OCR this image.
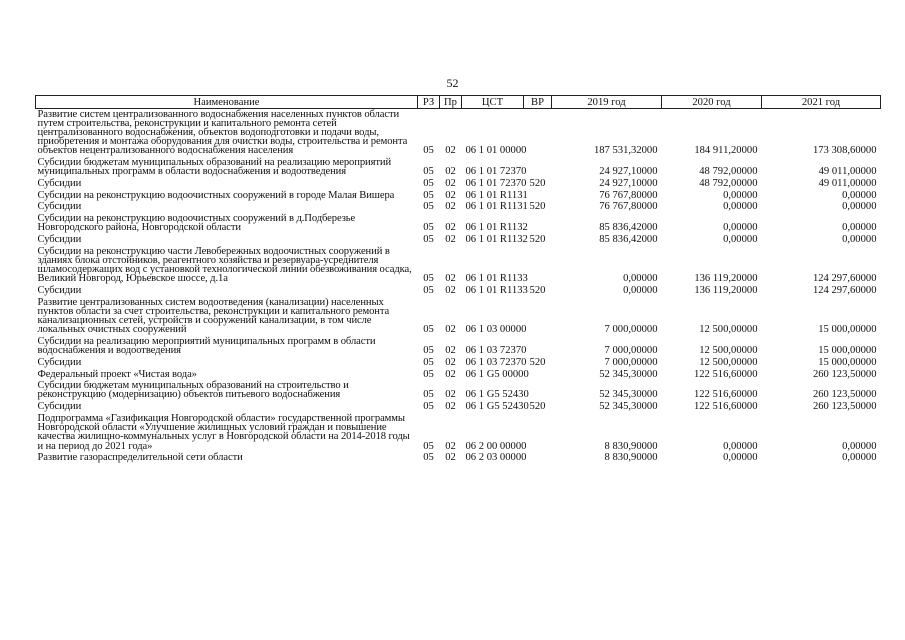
52
Наименование	РЗ	Пр	ЦСТ	ВР	2019 год	2020 год	2021 год
Развитие систем централизованного водоснабжения населенных пунктов области путем строительства, реконструкции и капитального ремонта сетей централизованного водоснабжения, объектов водоподготовки и подачи воды, приобретения и монтажа оборудования для очистки воды, строительства и ремонта объектов нецентрализованного водоснабжения населения	05	02	06 1 01 00000		187 531,32000	184 911,20000	173 308,60000
Субсидии бюджетам муниципальных образований на реализацию мероприятий муниципальных программ в области водоснабжения и водоотведения	05	02	06 1 01 72370		24 927,10000	48 792,00000	49 011,00000
Субсидии	05	02	06 1 01 72370	520	24 927,10000	48 792,00000	49 011,00000
Субсидии на реконструкцию водоочистных сооружений в городе Малая Вишера	05	02	06 1 01 R1131		76 767,80000	0,00000	0,00000
Субсидии	05	02	06 1 01 R1131	520	76 767,80000	0,00000	0,00000
Субсидии на реконструкцию водоочистных сооружений в д.Подберезье Новгородского района, Новгородской области	05	02	06 1 01 R1132		85 836,42000	0,00000	0,00000
Субсидии	05	02	06 1 01 R1132	520	85 836,42000	0,00000	0,00000
Субсидии на реконструкцию части Левобережных водоочистных сооружений в зданиях блока отстойников, реагентного хозяйства и резервуара-усреднителя шламосодержащих вод с установкой технологической линии обезвоживания осадка, Великий Новгород, Юрьевское шоссе, д.1а	05	02	06 1 01 R1133		0,00000	136 119,20000	124 297,60000
Субсидии	05	02	06 1 01 R1133	520	0,00000	136 119,20000	124 297,60000
Развитие централизованных систем водоотведения (канализации) населенных пунктов области за счет строительства, реконструкции и капитального ремонта канализационных сетей, устройств и сооружений канализации, в том числе локальных очистных сооружений	05	02	06 1 03 00000		7 000,00000	12 500,00000	15 000,00000
Субсидии на реализацию мероприятий муниципальных программ в области водоснабжения и водоотведения	05	02	06 1 03 72370		7 000,00000	12 500,00000	15 000,00000
Субсидии	05	02	06 1 03 72370	520	7 000,00000	12 500,00000	15 000,00000
Федеральный проект «Чистая вода»	05	02	06 1 G5 00000		52 345,30000	122 516,60000	260 123,50000
Субсидии бюджетам муниципальных образований на строительство и реконструкцию (модернизацию) объектов питьевого водоснабжения	05	02	06 1 G5 52430		52 345,30000	122 516,60000	260 123,50000
Субсидии	05	02	06 1 G5 52430	520	52 345,30000	122 516,60000	260 123,50000
Подпрограмма «Газификация Новгородской области» государственной программы Новгородской области «Улучшение жилищных условий граждан и повышение качества жилищно-коммунальных услуг в Новгородской области на 2014-2018 годы и на период до 2021 года»	05	02	06 2 00 00000		8 830,90000	0,00000	0,00000
Развитие газораспределительной сети области	05	02	06 2 03 00000		8 830,90000	0,00000	0,00000
